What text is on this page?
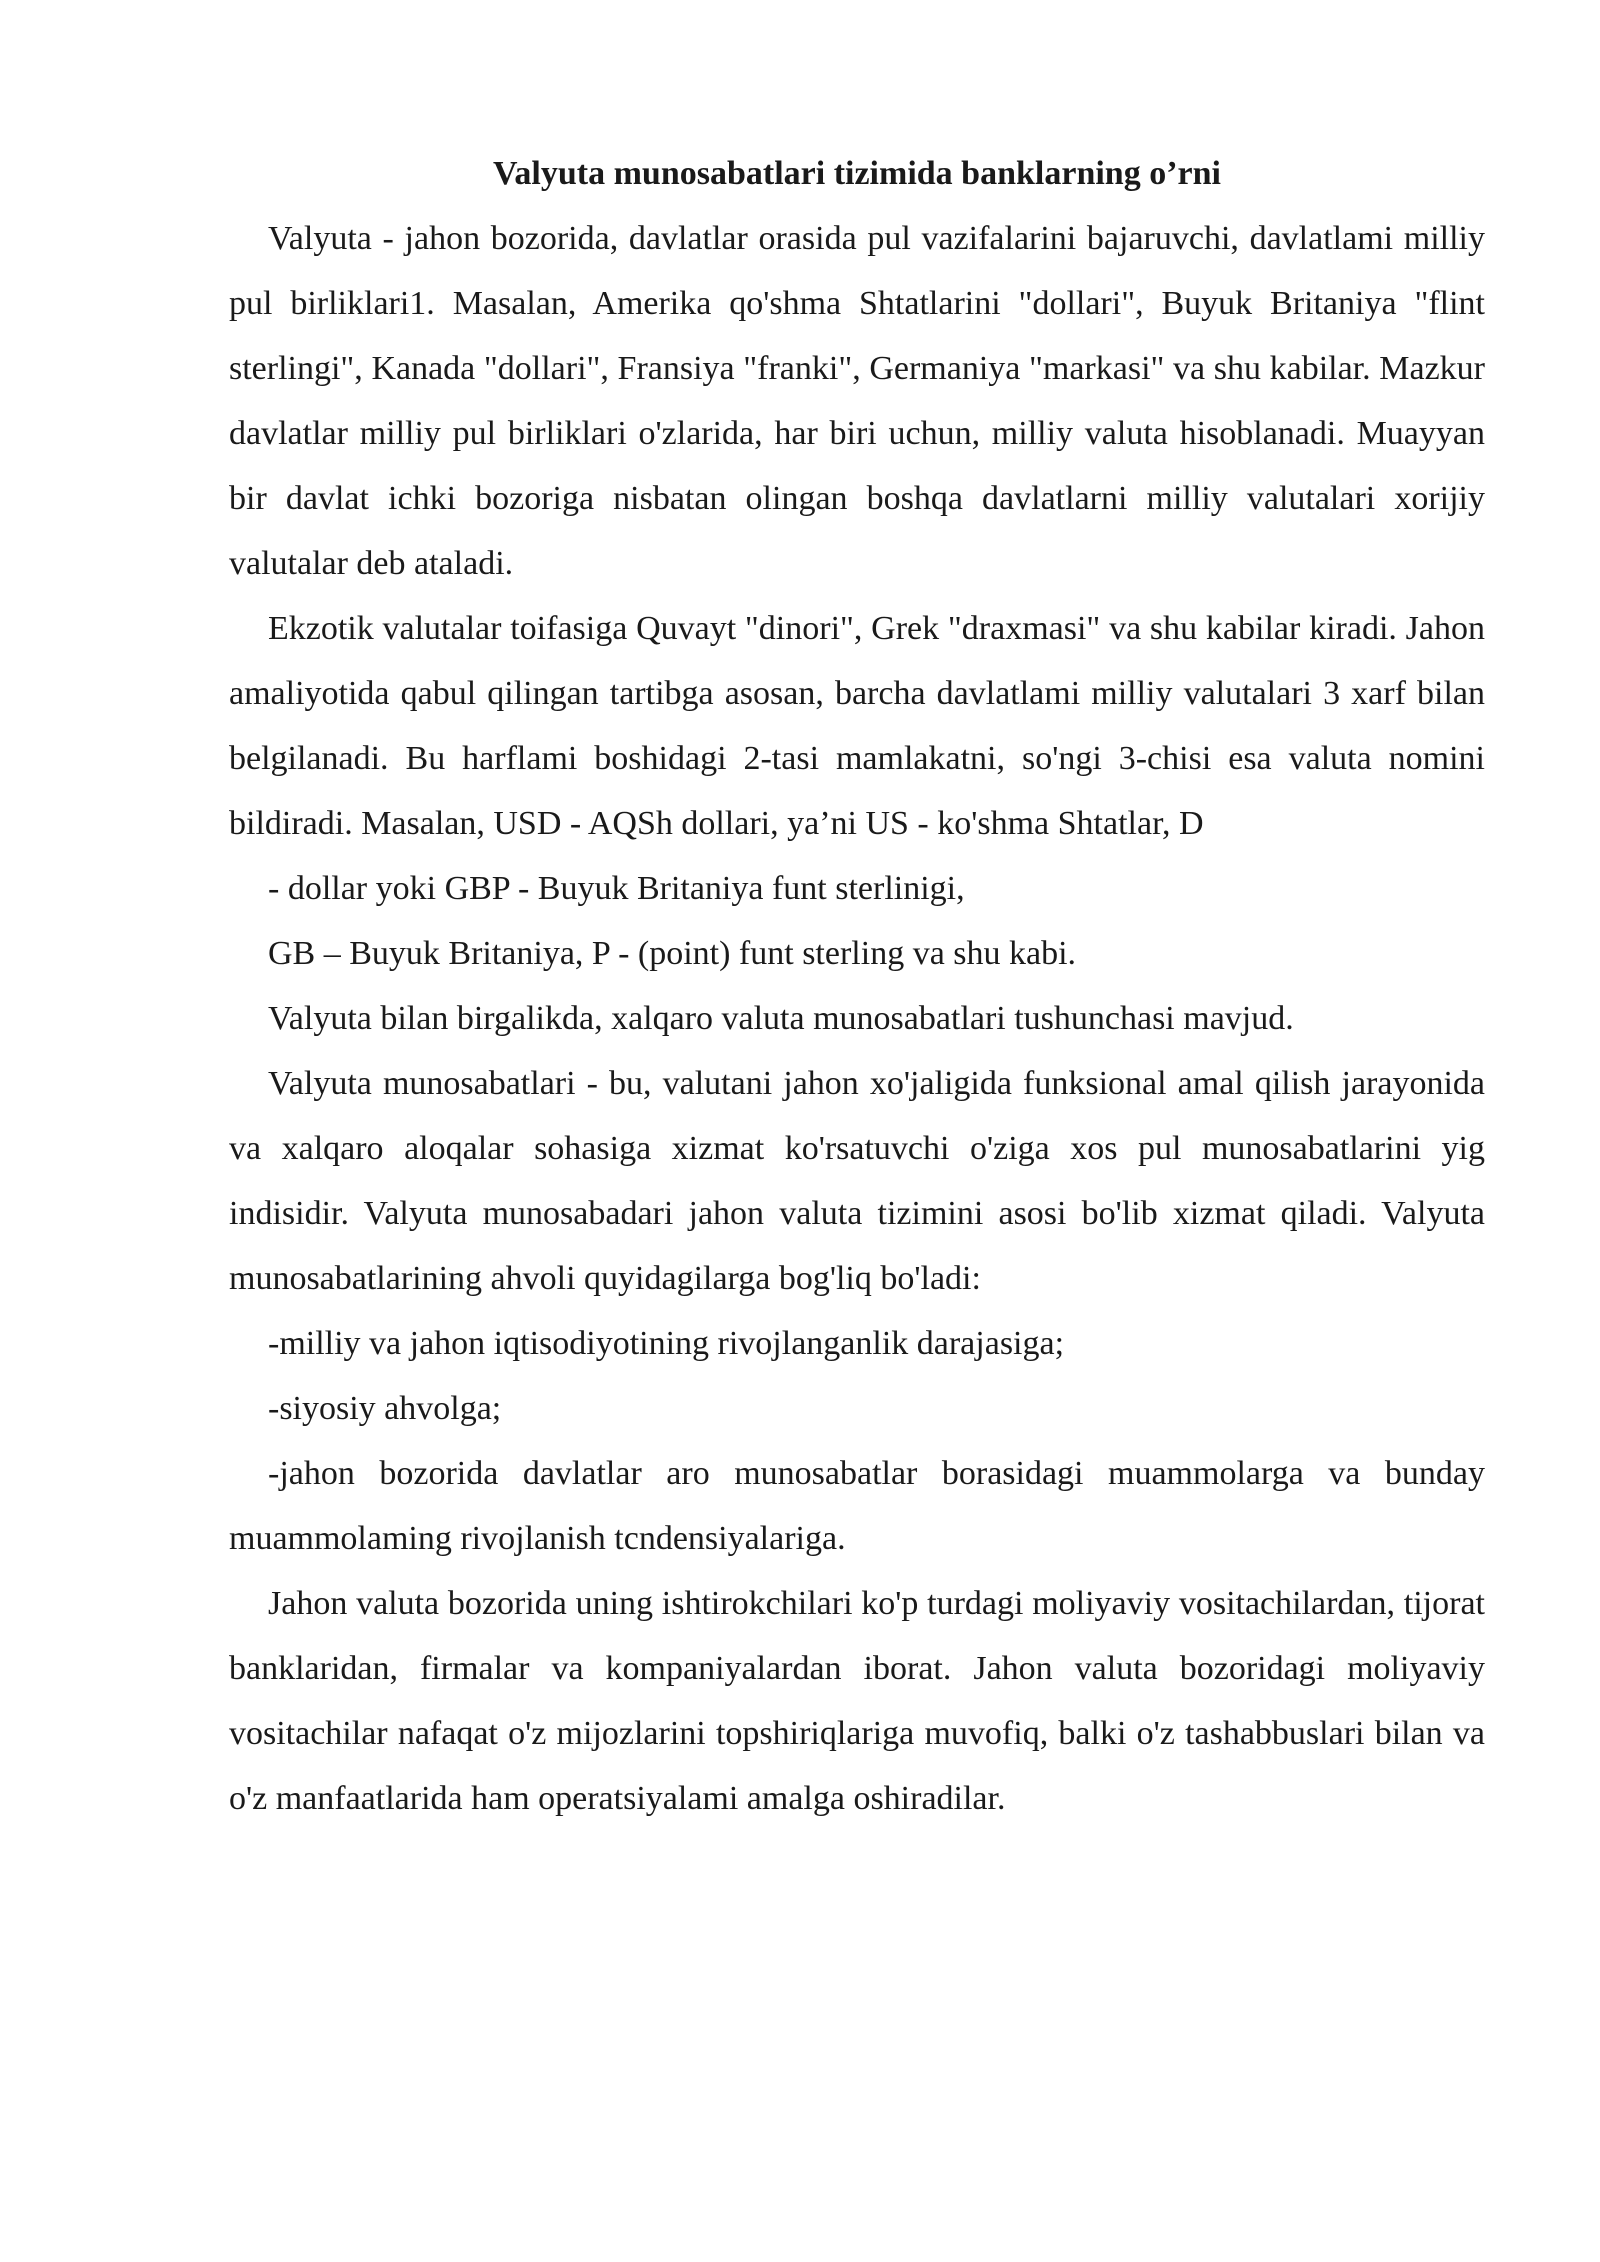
Valyuta munosabatlari tizimida banklarning o’rni

Valyuta - jahon bozorida, davlatlar orasida pul vazifalarini bajaruvchi, davlatlami milliy pul birliklari1. Masalan, Amerika qo'shma Shtatlarini "dollari", Buyuk Britaniya "flint sterlingi", Kanada "dollari", Fransiya "franki", Germaniya "markasi" va shu kabilar. Mazkur davlatlar milliy pul birliklari o'zlarida, har biri uchun, milliy valuta hisoblanadi. Muayyan bir davlat ichki bozoriga nisbatan olingan boshqa davlatlarni milliy valutalari xorijiy valutalar deb ataladi.

Ekzotik valutalar toifasiga Quvayt "dinori", Grek "draxmasi" va shu kabilar kiradi. Jahon amaliyotida qabul qilingan tartibga asosan, barcha davlatlami milliy valutalari 3 xarf bilan belgilanadi. Bu harflami boshidagi 2-tasi mamlakatni, so'ngi 3-chisi esa valuta nomini bildiradi. Masalan, USD - AQSh dollari, ya’ni US - ko'shma Shtatlar, D

- dollar yoki GBP - Buyuk Britaniya funt sterlinigi,

GB – Buyuk Britaniya, P - (point) funt sterling va shu kabi.

Valyuta bilan birgalikda, xalqaro valuta munosabatlari tushunchasi mavjud.

Valyuta munosabatlari - bu, valutani jahon xo'jaligida funksional amal qilish jarayonida va xalqaro aloqalar sohasiga xizmat ko'rsatuvchi o'ziga xos pul munosabatlarini yig indisidir. Valyuta munosabadari jahon valuta tizimini asosi bo'lib xizmat qiladi. Valyuta munosabatlarining ahvoli quyidagilarga bog'liq bo'ladi:

-milliy va jahon iqtisodiyotining rivojlanganlik darajasiga;

-siyosiy ahvolga;

-jahon bozorida davlatlar aro munosabatlar borasidagi muammolarga va bunday muammolaming rivojlanish tcndensiyalariga.

Jahon valuta bozorida uning ishtirokchilari ko'p turdagi moliyaviy vositachilardan, tijorat banklaridan, firmalar va kompaniyalardan iborat. Jahon valuta bozoridagi moliyaviy vositachilar nafaqat o'z mijozlarini topshiriqlariga muvofiq, balki o'z tashabbuslari bilan va o'z manfaatlarida ham operatsiyalami amalga oshiradilar.
